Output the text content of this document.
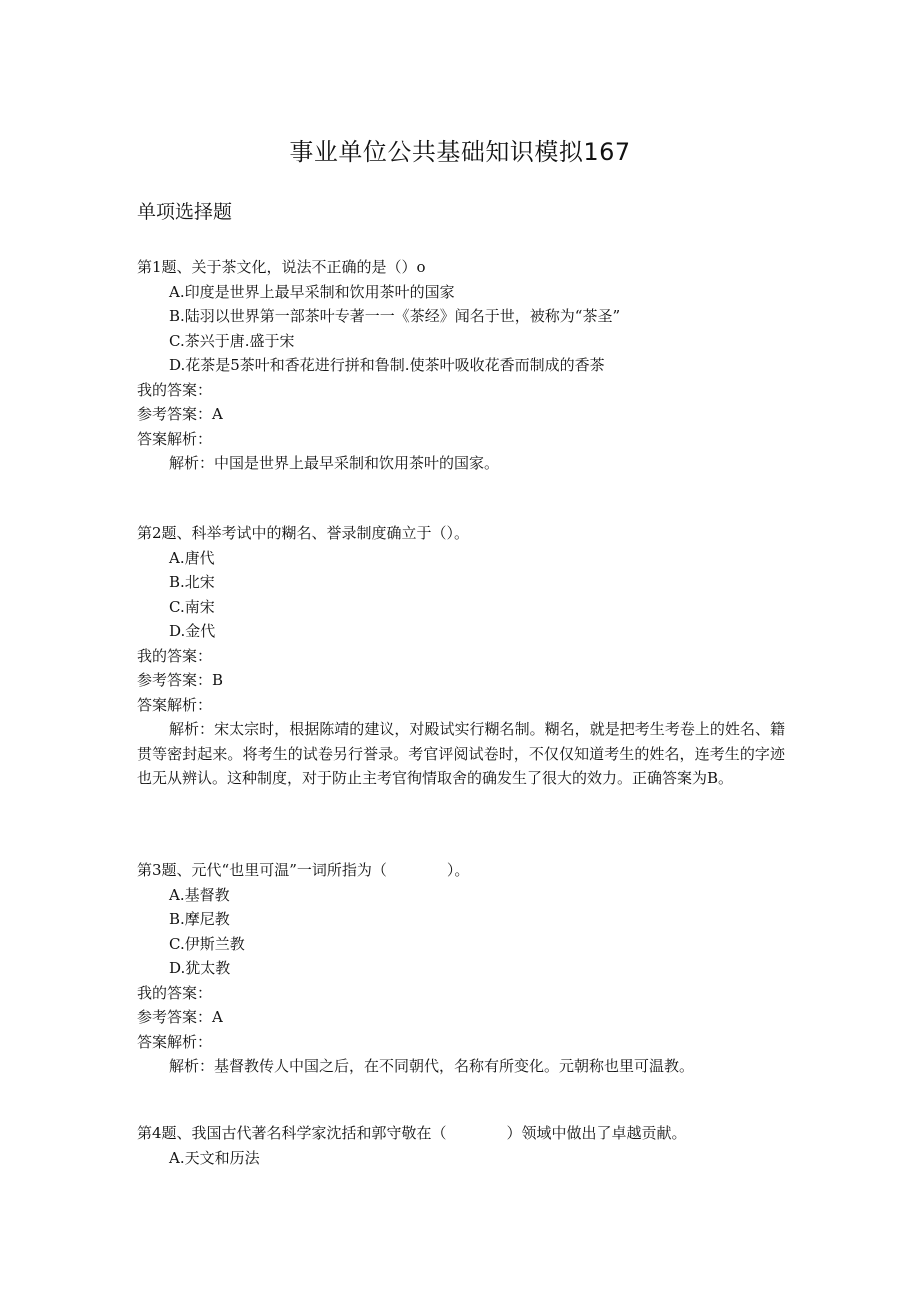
事业单位公共基础知识模拟167
单项选择题
第1题、关于茶文化，说法不正确的是（）o
A.印度是世界上最早采制和饮用茶叶的国家
B.陆羽以世界第一部茶叶专著一一《茶经》闻名于世，被称为“茶圣”
C.茶兴于唐.盛于宋
D.花茶是5茶叶和香花进行拼和鲁制.使茶叶吸收花香而制成的香茶
我的答案：
参考答案：A
答案解析：
解析：中国是世界上最早采制和饮用茶叶的国家。
第2题、科举考试中的糊名、誉录制度确立于（）。
A.唐代
B.北宋
C.南宋
D.金代
我的答案：
参考答案：B
答案解析：
解析：宋太宗时，根据陈靖的建议，对殿试实行糊名制。糊名，就是把考生考卷上的姓名、籍贯等密封起来。将考生的试卷另行誉录。考官评阅试卷时，不仅仅知道考生的姓名，连考生的字迹也无从辨认。这种制度，对于防止主考官徇情取舍的确发生了很大的效力。正确答案为B。
第3题、元代“也里可温”一词所指为（　　　　）。
A.基督教
B.摩尼教
C.伊斯兰教
D.犹太教
我的答案：
参考答案：A
答案解析：
解析：基督教传人中国之后，在不同朝代，名称有所变化。元朝称也里可温教。
第4题、我国古代著名科学家沈括和郭守敬在（　　　　）领域中做出了卓越贡献。
A.天文和历法
